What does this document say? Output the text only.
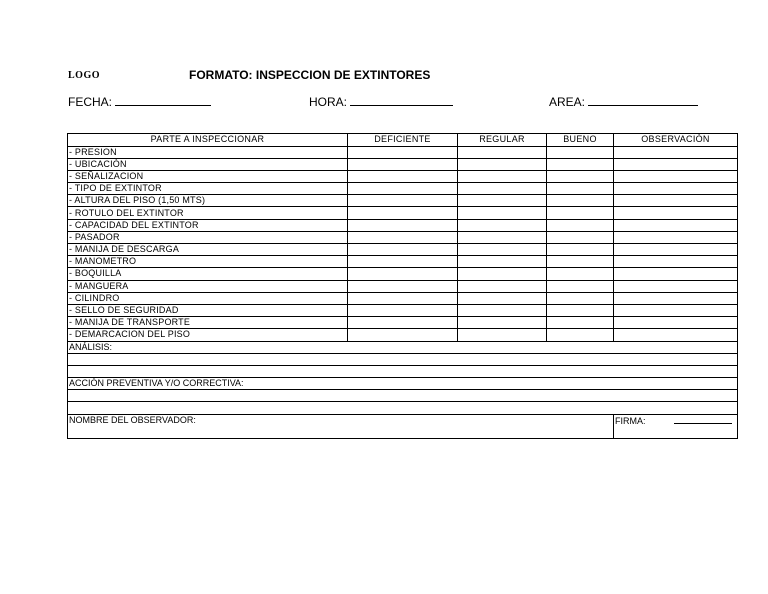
LOGO	FORMATO: INSPECCION DE EXTINTORES
FECHA:	HORA:	AREA:
PARTE A INSPECCIONAR	DEFICIENTE	REGULAR	BUENO	OBSERVACIÓN
- PRESION				
- UBICACIÓN				
- SEÑALIZACION				
- TIPO DE EXTINTOR				
- ALTURA DEL PISO (1,50 MTS)				
- ROTULO DEL EXTINTOR				
- CAPACIDAD DEL EXTINTOR				
- PASADOR				
- MANIJA DE DESCARGA				
- MANOMETRO				
- BOQUILLA				
- MANGUERA				
- CILINDRO				
- SELLO DE SEGURIDAD				
- MANIJA DE TRANSPORTE				
- DEMARCACION DEL PISO				
ANÁLISIS:				

ACCIÓN PREVENTIVA Y/O CORRECTIVA:				

NOMBRE DEL OBSERVADOR:				FIRMA:
